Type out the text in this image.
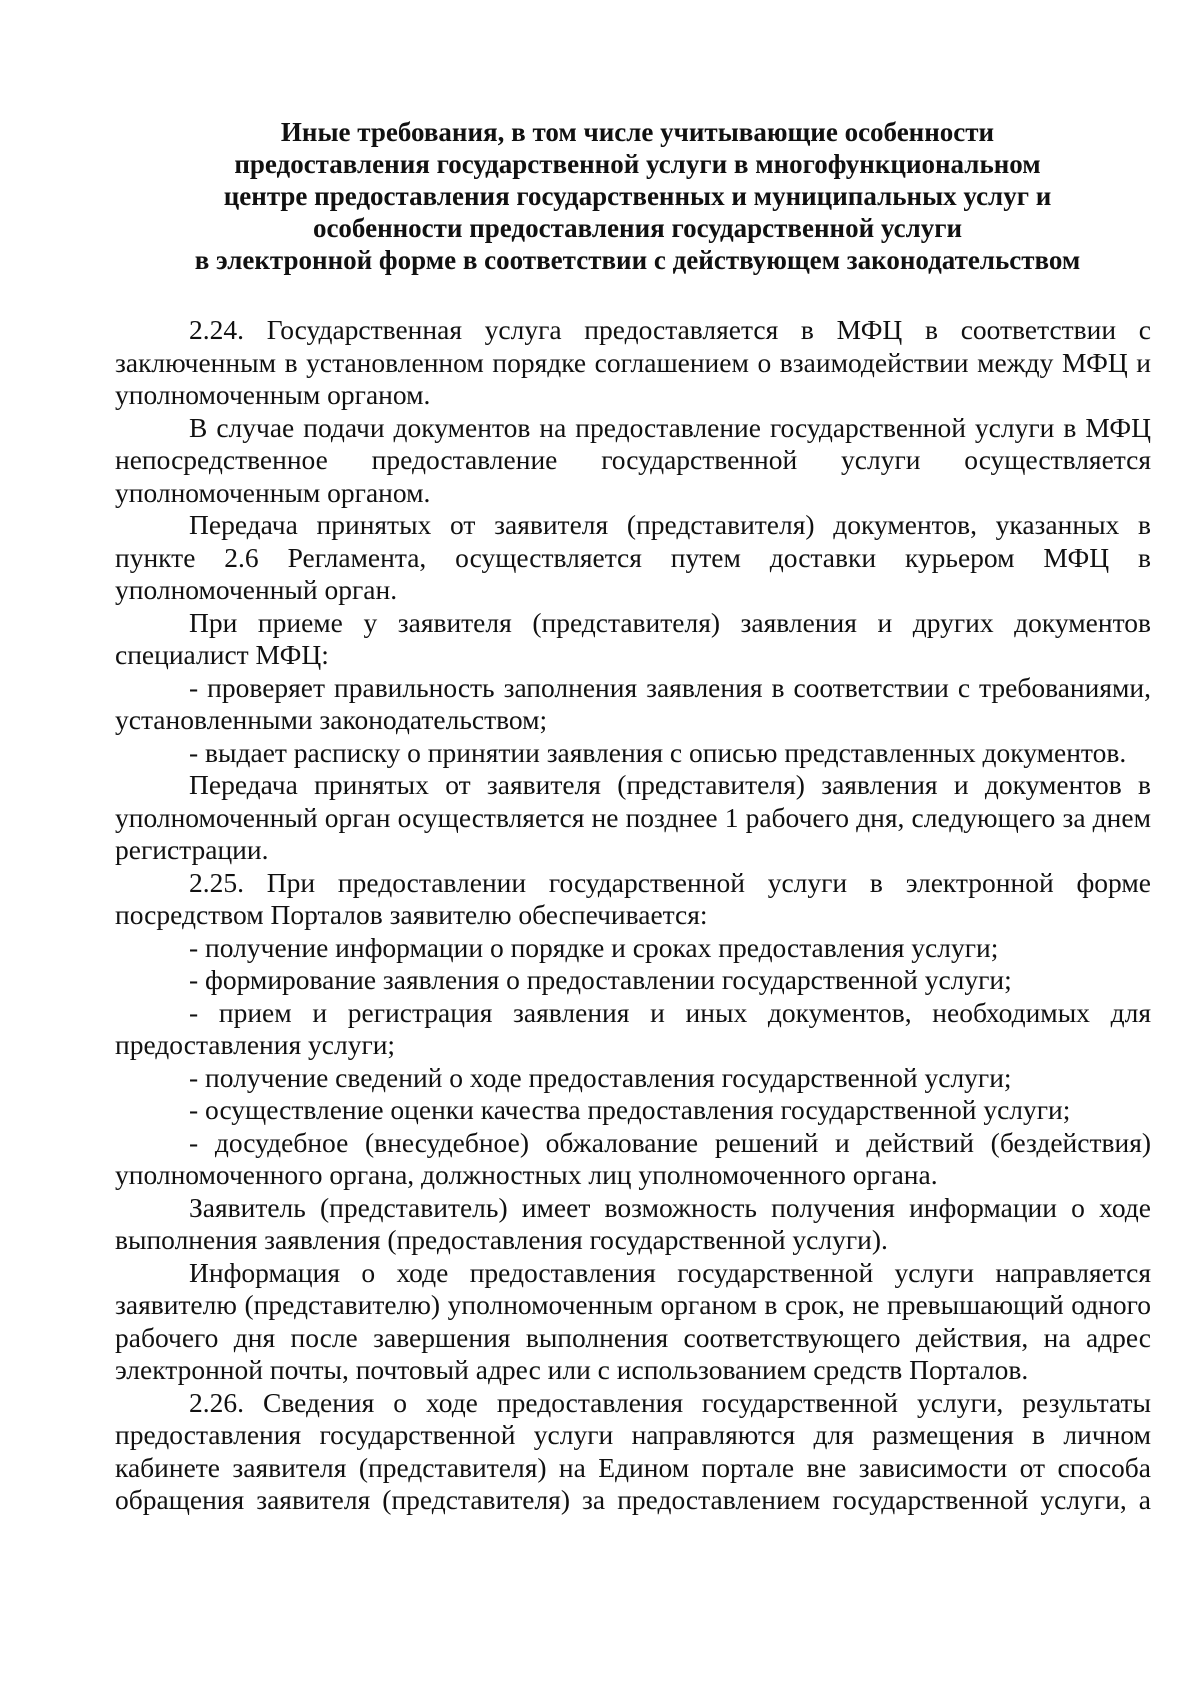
Иные требования, в том числе учитывающие особенности
предоставления государственной услуги в многофункциональном
центре предоставления государственных и муниципальных услуг и
особенности предоставления государственной услуги
в электронной форме в соответствии с действующем законодательством

2.24. Государственная услуга предоставляется в МФЦ в соответствии с заключенным в установленном порядке соглашением о взаимодействии между МФЦ и уполномоченным органом.

В случае подачи документов на предоставление государственной услуги в МФЦ непосредственное предоставление государственной услуги осуществляется уполномоченным органом.

Передача принятых от заявителя (представителя) документов, указанных в пункте 2.6 Регламента, осуществляется путем доставки курьером МФЦ в уполномоченный орган.

При приеме у заявителя (представителя) заявления и других документов специалист МФЦ:

- проверяет правильность заполнения заявления в соответствии с требованиями, установленными законодательством;

- выдает расписку о принятии заявления с описью представленных документов.

Передача принятых от заявителя (представителя) заявления и документов в уполномоченный орган осуществляется не позднее 1 рабочего дня, следующего за днем регистрации.

2.25. При предоставлении государственной услуги в электронной форме посредством Порталов заявителю обеспечивается:

- получение информации о порядке и сроках предоставления услуги;

- формирование заявления о предоставлении государственной услуги;

- прием и регистрация заявления и иных документов, необходимых для предоставления услуги;

- получение сведений о ходе предоставления государственной услуги;

- осуществление оценки качества предоставления государственной услуги;

- досудебное (внесудебное) обжалование решений и действий (бездействия) уполномоченного органа, должностных лиц уполномоченного органа.

Заявитель (представитель) имеет возможность получения информации о ходе выполнения заявления (предоставления государственной услуги).

Информация о ходе предоставления государственной услуги направляется заявителю (представителю) уполномоченным органом в срок, не превышающий одного рабочего дня после завершения выполнения соответствующего действия, на адрес электронной почты, почтовый адрес или с использованием средств Порталов.

2.26. Сведения о ходе предоставления государственной услуги, результаты предоставления государственной услуги направляются для размещения в личном кабинете заявителя (представителя) на Едином портале вне зависимости от способа обращения заявителя (представителя) за предоставлением государственной услуги, а
